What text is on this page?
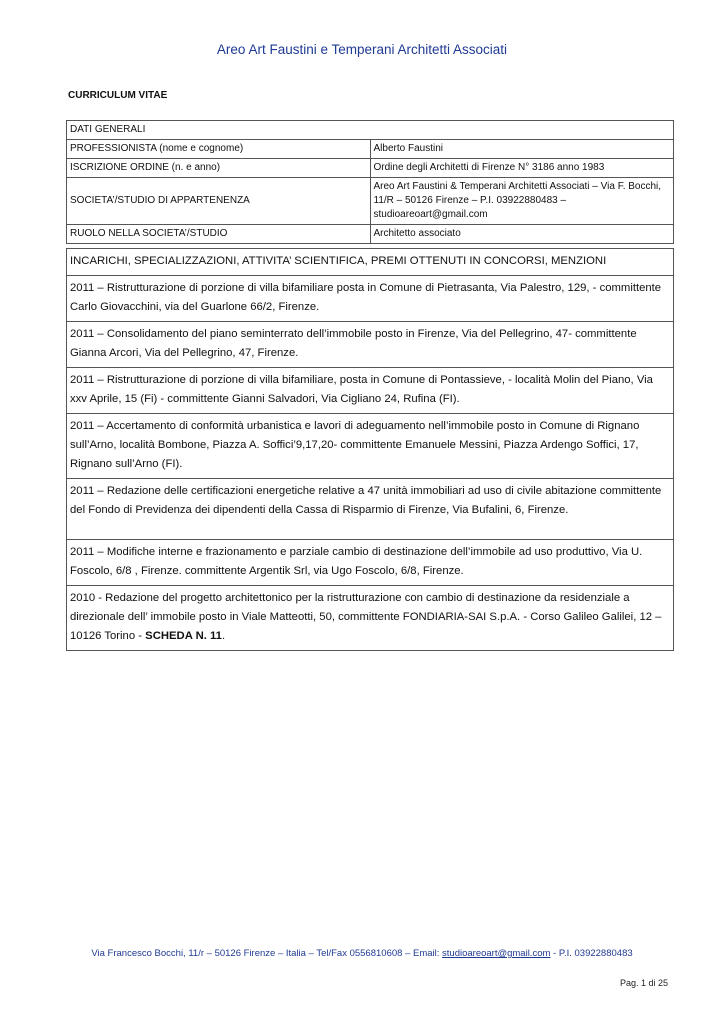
Areo Art Faustini e Temperani Architetti Associati
CURRICULUM VITAE
DATI GENERALI	
PROFESSIONISTA (nome e cognome)	Alberto Faustini
ISCRIZIONE ORDINE (n. e anno)	Ordine degli Architetti di Firenze N° 3186 anno 1983
SOCIETA’/STUDIO DI APPARTENENZA	Areo Art Faustini & Temperani Architetti Associati – Via F. Bocchi, 11/R – 50126 Firenze – P.I. 03922880483 – studioareoart@gmail.com
RUOLO NELLA SOCIETA’/STUDIO	Architetto associato
INCARICHI, SPECIALIZZAZIONI, ATTIVITA’ SCIENTIFICA, PREMI OTTENUTI IN CONCORSI, MENZIONI
2011 – Ristrutturazione di porzione di villa bifamiliare posta in Comune di Pietrasanta, Via Palestro, 129, - committente Carlo Giovacchini, via del Guarlone 66/2, Firenze.
2011 – Consolidamento del piano seminterrato dell’immobile posto in Firenze, Via del Pellegrino, 47- committente Gianna Arcori, Via del Pellegrino, 47, Firenze.
2011 – Ristrutturazione di porzione di villa bifamiliare, posta in Comune di Pontassieve, - località Molin del Piano, Via xxv Aprile, 15 (Fi) - committente Gianni Salvadori, Via Cigliano 24, Rufina (FI).
2011 – Accertamento di conformità urbanistica e lavori di adeguamento nell’immobile posto in Comune di Rignano sull’Arno, località Bombone, Piazza A. Soffici’9,17,20- committente Emanuele Messini, Piazza Ardengo Soffici, 17, Rignano sull’Arno (FI).
2011 – Redazione delle certificazioni energetiche relative a 47 unità immobiliari ad uso di civile abitazione committente del Fondo di Previdenza dei dipendenti della Cassa di Risparmio di Firenze, Via Bufalini, 6, Firenze.
2011 – Modifiche interne e frazionamento e parziale cambio di destinazione dell’immobile ad uso produttivo, Via U. Foscolo, 6/8 , Firenze. committente Argentik Srl, via Ugo Foscolo, 6/8, Firenze.
2010 - Redazione del progetto architettonico per la ristrutturazione con cambio di destinazione da residenziale a direzionale dell’ immobile posto in Viale Matteotti, 50, committente FONDIARIA-SAI S.p.A. - Corso Galileo Galilei, 12 – 10126 Torino - SCHEDA N. 11.
Via Francesco Bocchi, 11/r – 50126 Firenze – Italia – Tel/Fax 0556810608 – Email: studioareoart@gmail.com - P.I. 03922880483
Pag. 1 di 25
